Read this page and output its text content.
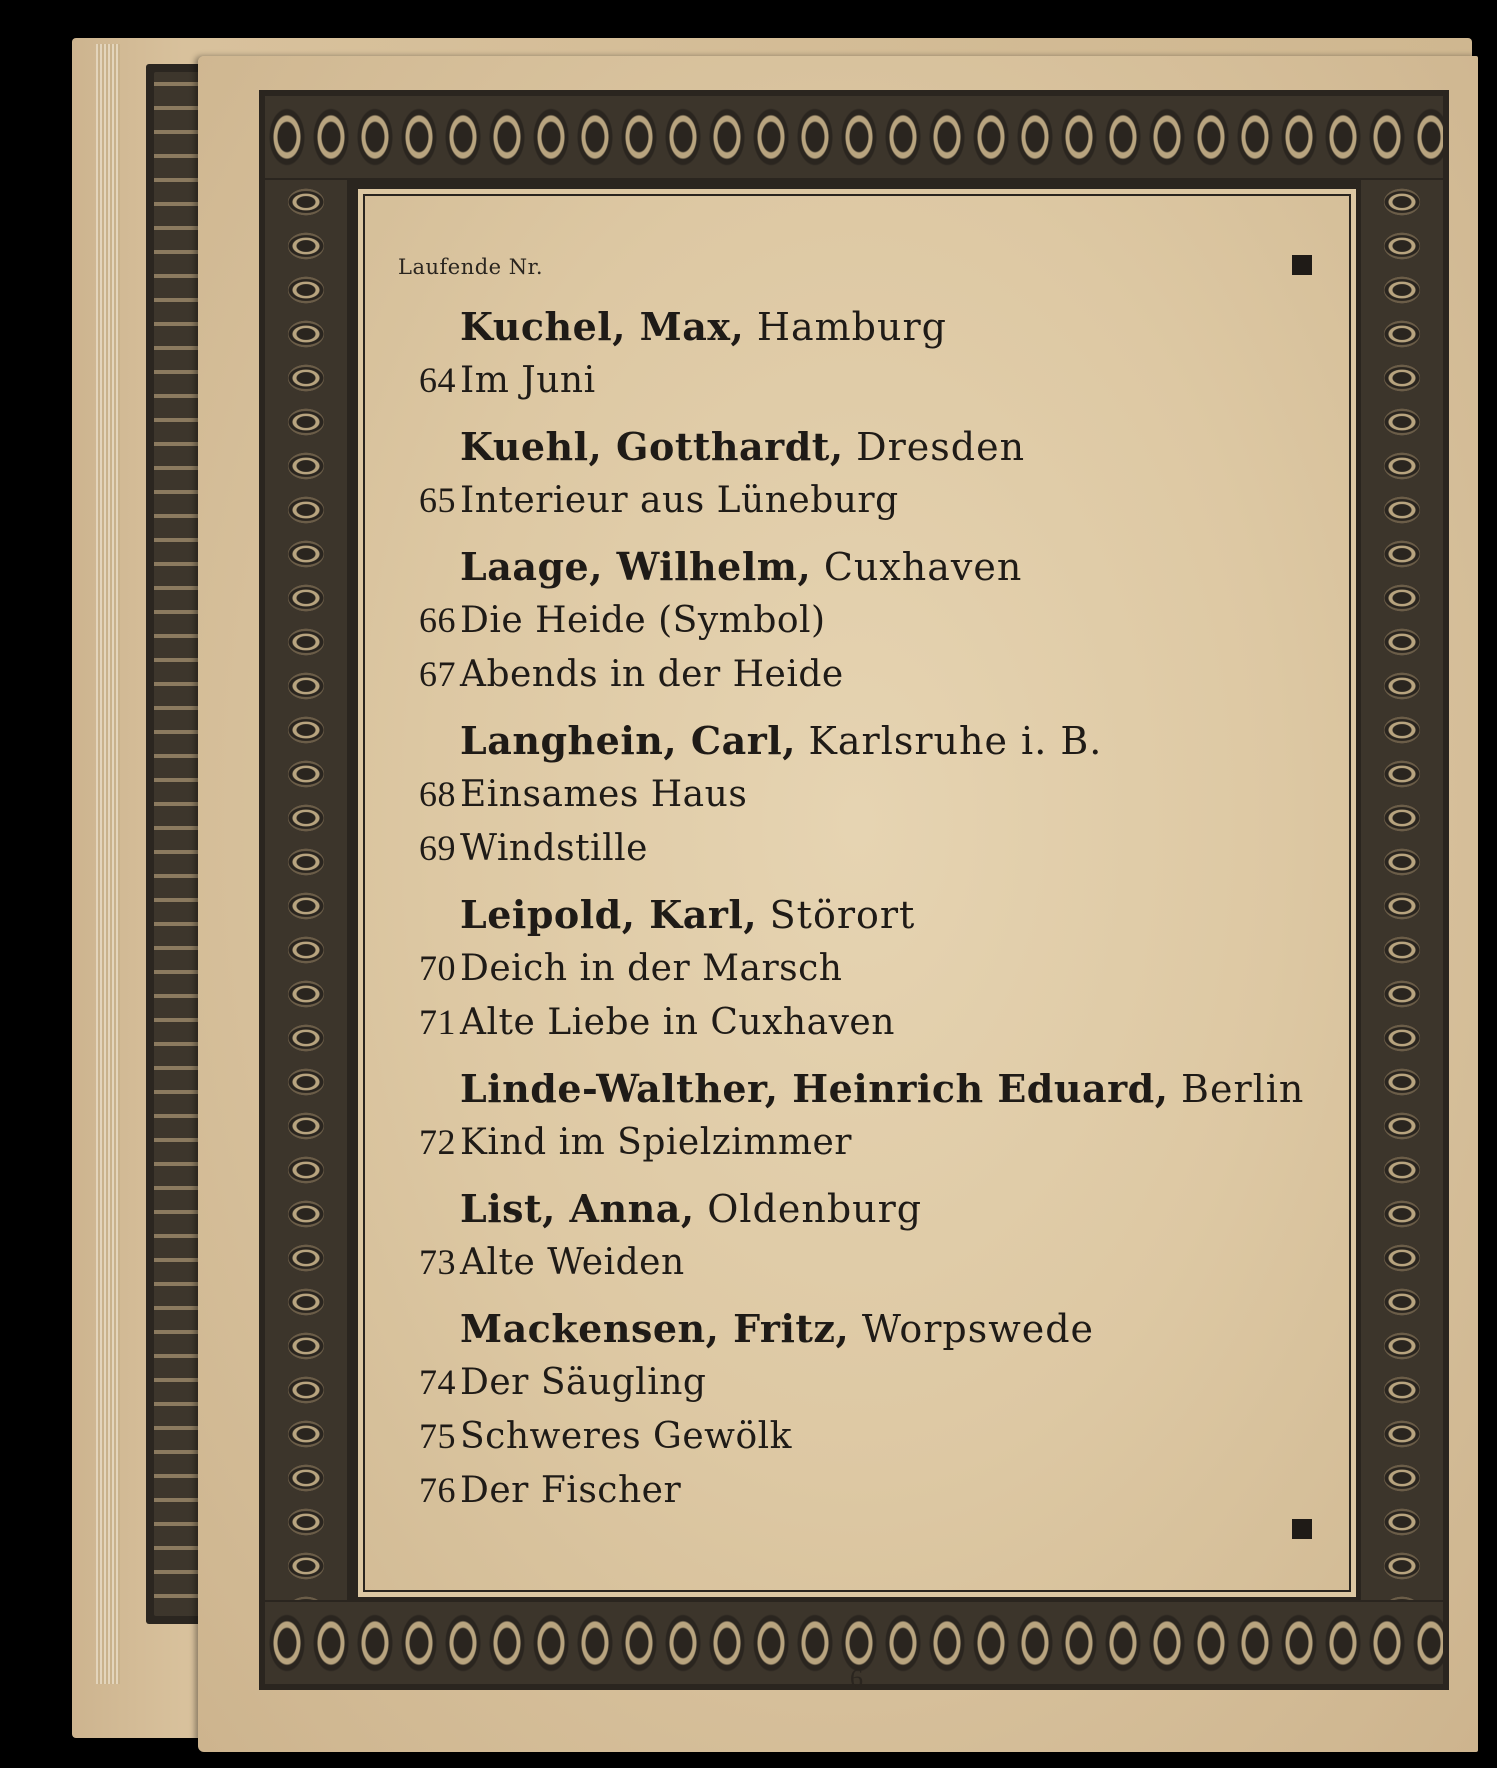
Laufende Nr.
Kuchel, Max, Hamburg
64 Im Juni
Kuehl, Gotthardt, Dresden
65 Interieur aus Lüneburg
Laage, Wilhelm, Cuxhaven
66 Die Heide (Symbol)
67 Abends in der Heide
Langhein, Carl, Karlsruhe i. B.
68 Einsames Haus
69 Windstille
Leipold, Karl, Störort
70 Deich in der Marsch
71 Alte Liebe in Cuxhaven
Linde-Walther, Heinrich Eduard, Berlin
72 Kind im Spielzimmer
List, Anna, Oldenburg
73 Alte Weiden
Mackensen, Fritz, Worpswede
74 Der Säugling
75 Schweres Gewölk
76 Der Fischer
6
